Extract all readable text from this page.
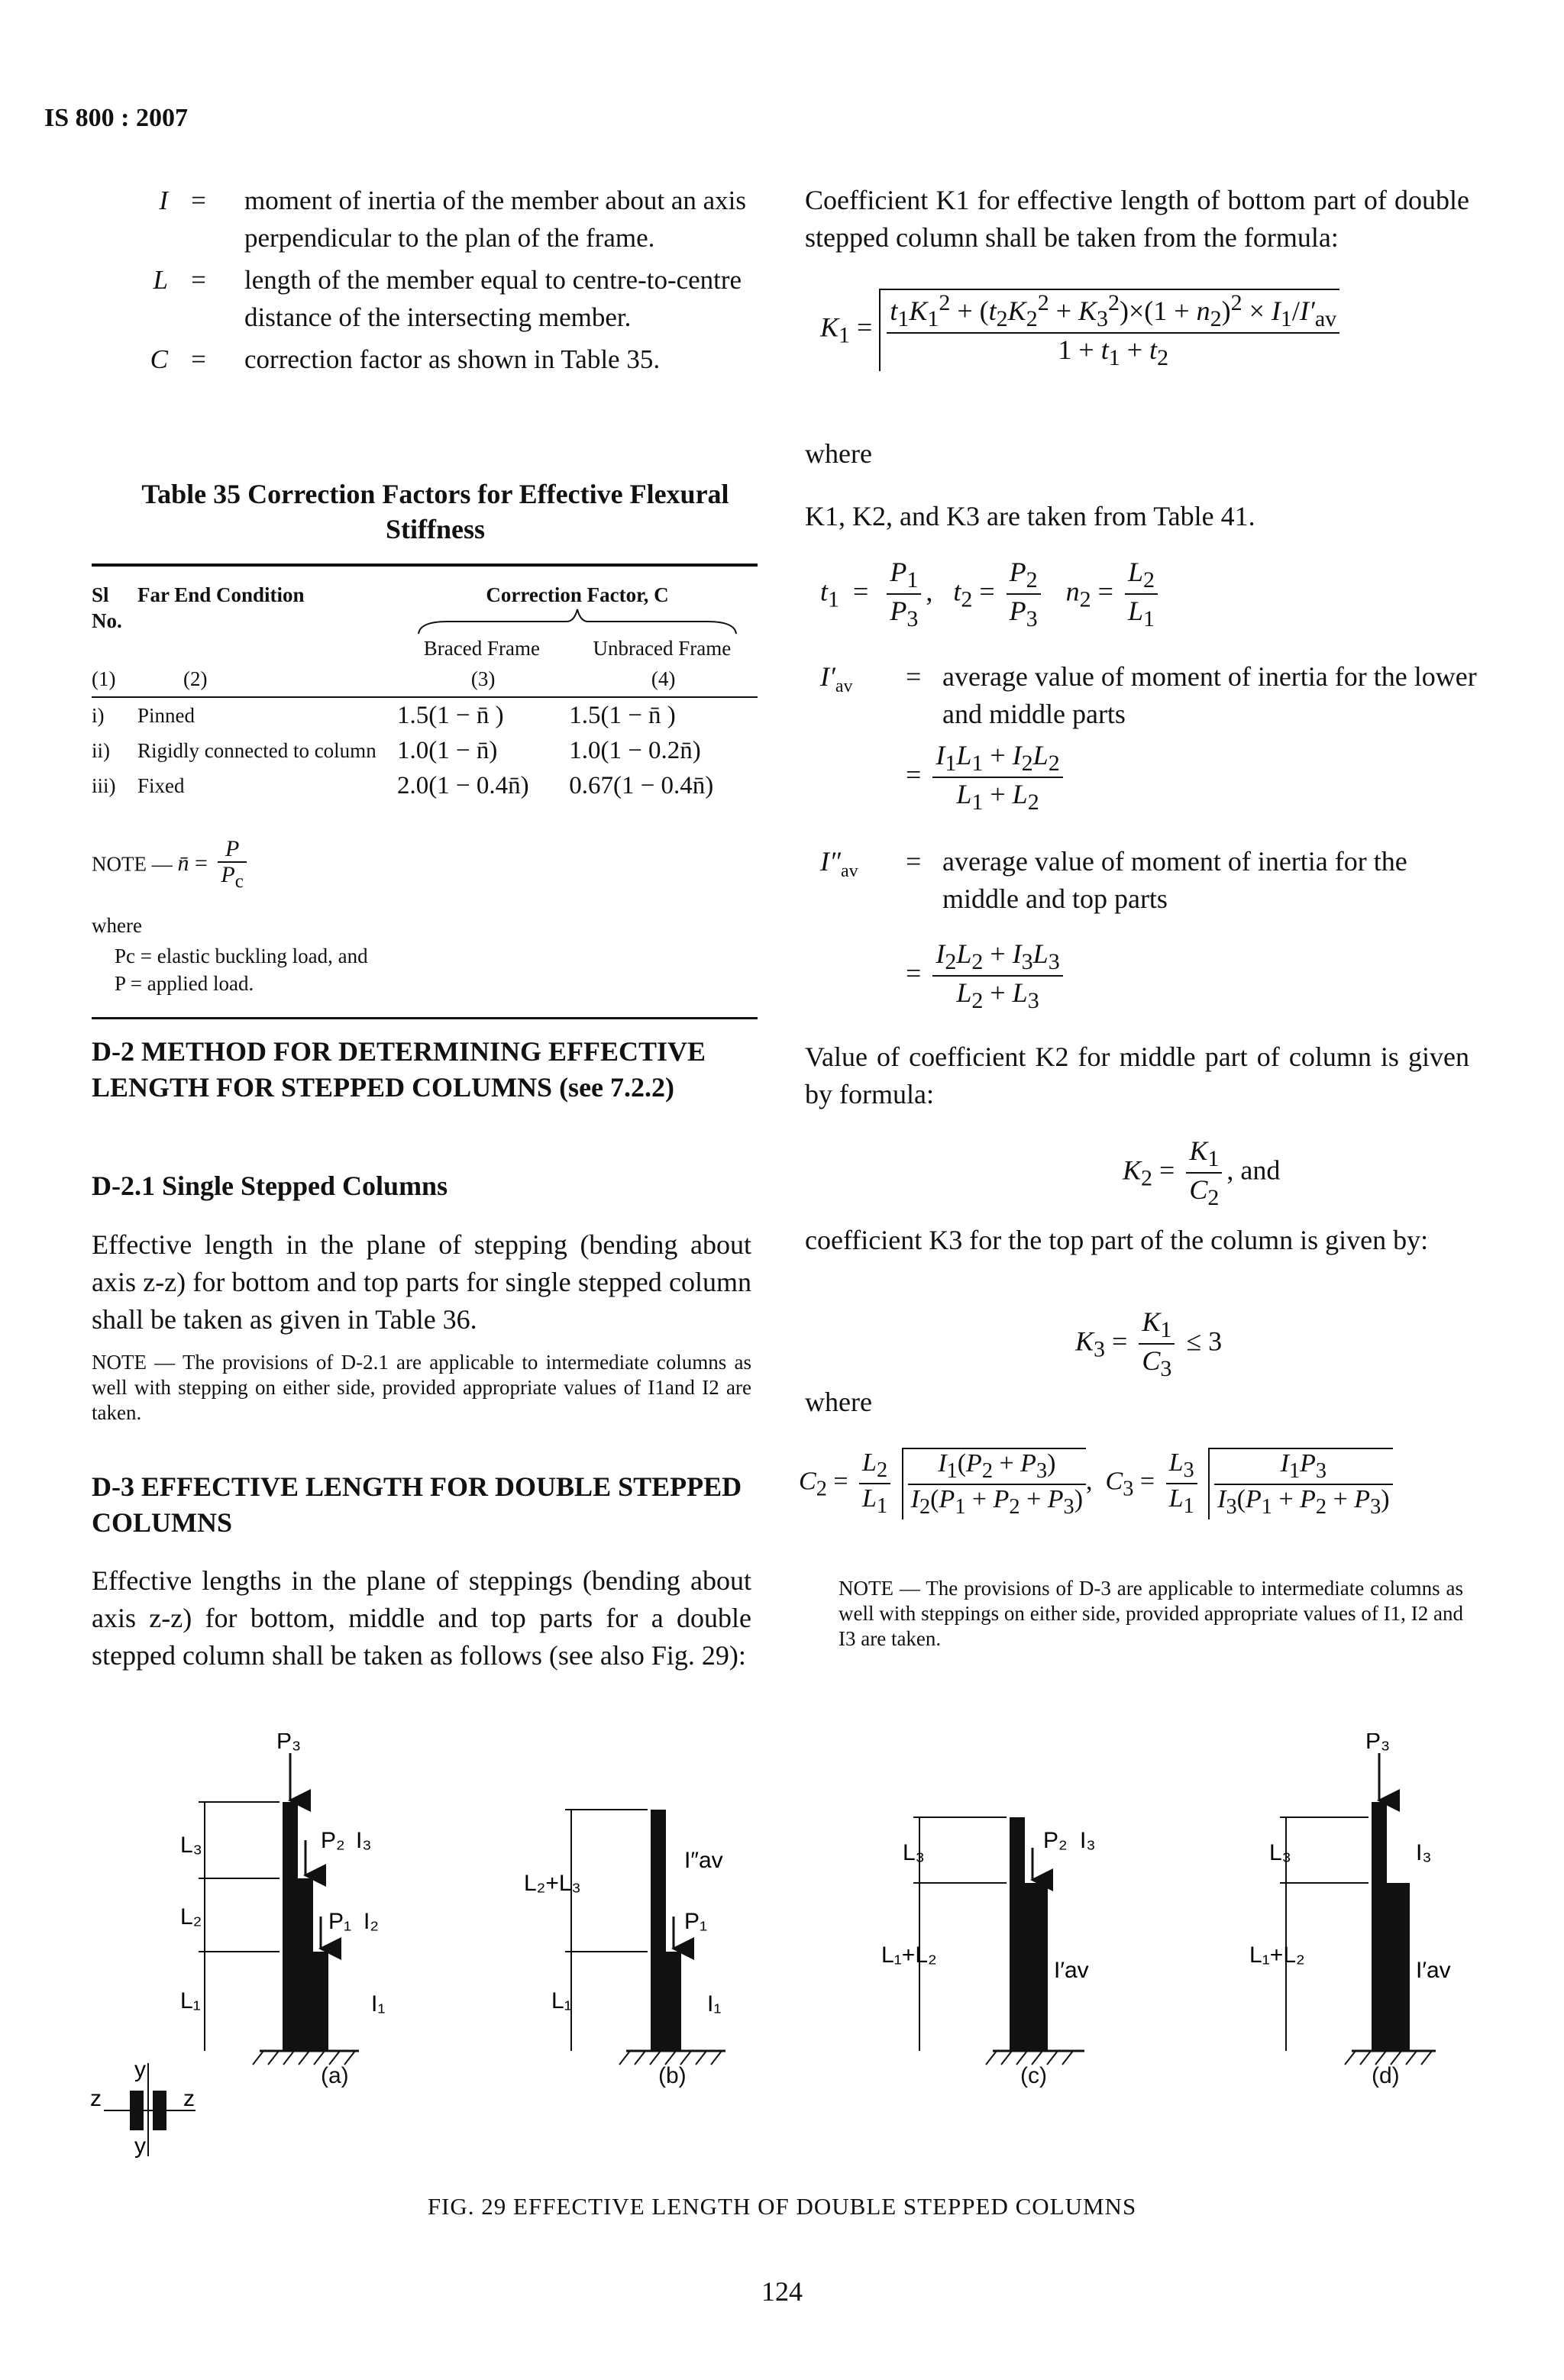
IS 800 : 2007
I =	moment of inertia of the member about an axis perpendicular to the plan of the frame.
L =	length of the member equal to centre-to-centre distance of the intersecting member.
C =	correction factor as shown in Table 35.
Table 35 Correction Factors for Effective Flexural Stiffness
Sl No.	Far End Condition	Correction Factor, C
Braced Frame Unbraced Frame	

(1)	(2)	(3)	(4)
i)	Pinned	1.5(1 − n̄ )	1.5(1 − n̄ )
ii)	Rigidly connected to column	1.0(1 − n̄)	1.0(1 − 0.2n̄)
iii)	Fixed	2.0(1 − 0.4n̄)	0.67(1 − 0.4n̄)
NOTE — n̄ = $\frac{P}{P_c}$
where
Pc = elastic buckling load, and
P = applied load.
D-2 METHOD FOR DETERMINING EFFECTIVE LENGTH FOR STEPPED COLUMNS (see 7.2.2)
D-2.1 Single Stepped Columns
Effective length in the plane of stepping (bending about axis z-z) for bottom and top parts for single stepped column shall be taken as given in Table 36.
NOTE — The provisions of D-2.1 are applicable to intermediate columns as well with stepping on either side, provided appropriate values of I1and I2 are taken.
D-3 EFFECTIVE LENGTH FOR DOUBLE STEPPED COLUMNS
Effective lengths in the plane of steppings (bending about axis z-z) for bottom, middle and top parts for a double stepped column shall be taken as follows (see also Fig. 29):
Coefficient K1 for effective length of bottom part of double stepped column shall be taken from the formula:
$K_1 = \frac{t_1K_1^2 + (t_2K_2^2 + K_3^2)\times(1 + n_2)^2 \times I_1/I'_{av}}{1 + t_1 + t_2}$
where
K1, K2, and K3 are taken from Table 41.
$t_1 = \frac{P_1}{P_3}$ ,   $t_2 = \frac{P_2}{P_3} n_2 = \frac{L_2}{L_1}$
$I'_{av}$ = average value of moment of inertia for the lower and middle parts
= $\frac{I_1L_1 + I_2L_2}{L_1 + L_2}$
$I''_{av}$ = average value of moment of inertia for the middle and top parts
= $\frac{I_2L_2 + I_3L_3}{L_2 + L_3}$
Value of coefficient K2 for middle part of column is given by formula:
$K_2 = \frac{K_1}{C_2}$ , and
coefficient K3 for the top part of the column is given by:
$K_3 = \frac{K_1}{C_3} \le 3$
where
$C_2 = \frac{L_2}{L_1}$
$\frac{I_1(P_2 + P_3)}{I_2(P_1 + P_2 + P_3)}$ ,  $C_3 = \frac{L_3}{L_1}$
$\frac{I_1P_3}{I_3(P_1 + P_2 + P_3)}$
NOTE — The provisions of D-3 are applicable to intermediate columns as well with steppings on either side, provided appropriate values of I1, I2 and I3 are taken.
P₃
L₃
L₂
L₁
P₂ I₃
P₁ I₂
I₁
L₂+L₃
L₁
I″av
P₁
I₁
L₃
L₁+L₂
P₂ I₃
I′av
P₃
L₃
L₁+L₂
I₃
I′av
y
z	z
y
(a)	(b)	(c)	(d)
FIG. 29 EFFECTIVE LENGTH OF DOUBLE STEPPED COLUMNS
124
